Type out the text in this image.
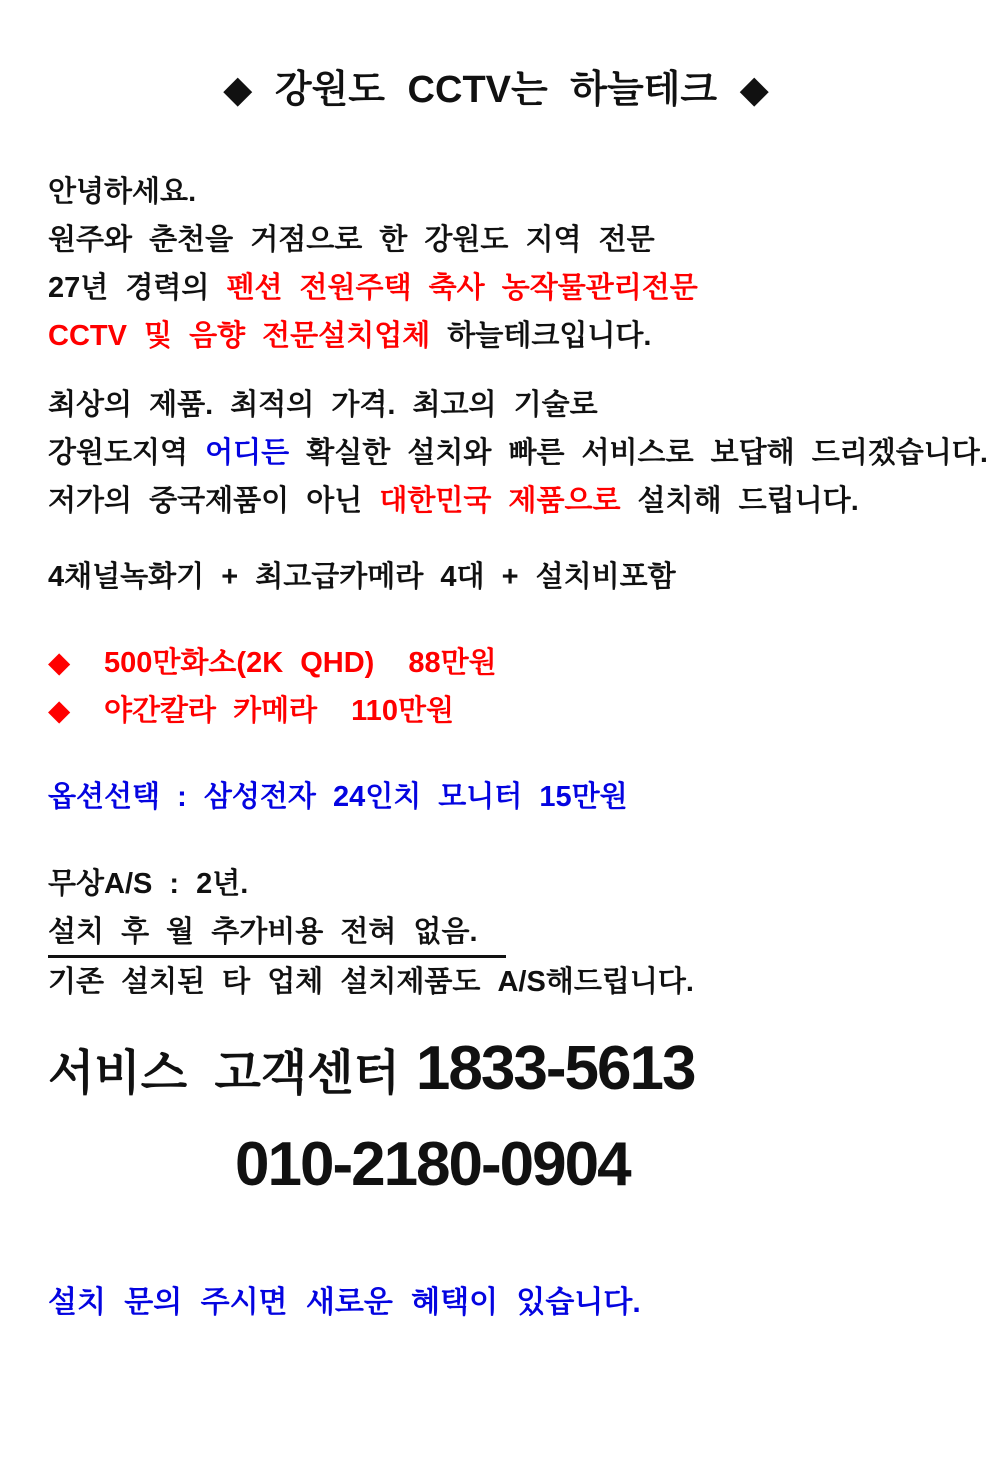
◆ 강원도 CCTV는 하늘테크 ◆
안녕하세요.
원주와 춘천을 거점으로 한 강원도 지역 전문
27년 경력의 펜션 전원주택 축사 농작물관리전문
CCTV 및 음향 전문설치업체 하늘테크입니다.
최상의 제품. 최적의 가격. 최고의 기술로
강원도지역 어디든 확실한 설치와 빠른 서비스로 보답해 드리겠습니다.
저가의 중국제품이 아닌 대한민국 제품으로 설치해 드립니다.
4채널녹화기 + 최고급카메라 4대 + 설치비포함
◆ 500만화소(2K QHD) 88만원
◆ 야간칼라 카메라 110만원
옵션선택 : 삼성전자 24인치 모니터 15만원
무상A/S : 2년.
설치 후 월 추가비용 전혀 없음.
기존 설치된 타 업체 설치제품도 A/S해드립니다.
서비스 고객센터 1833-5613
010-2180-0904
설치 문의 주시면 새로운 혜택이 있습니다.
